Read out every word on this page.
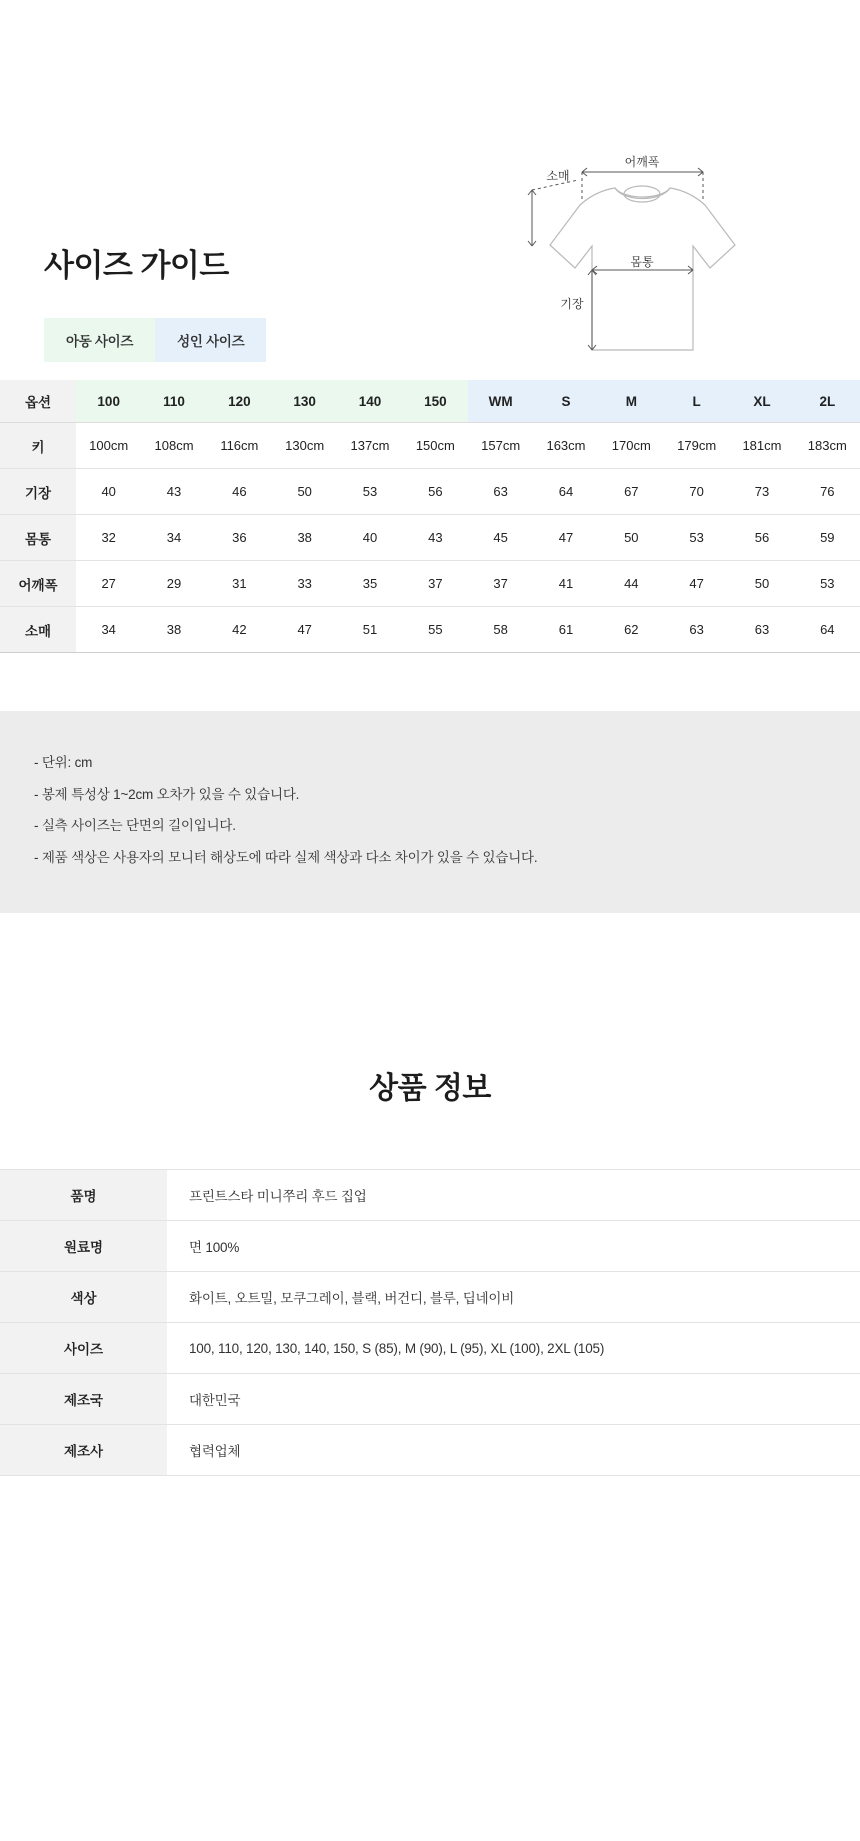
사이즈 가이드
아동 사이즈	성인 사이즈
어깨폭
소매
몸통
기장
옵션	100	110	120	130	140	150	WM	S	M	L	XL	2L
키	100cm	108cm	116cm	130cm	137cm	150cm	157cm	163cm	170cm	179cm	181cm	183cm
기장	40	43	46	50	53	56	63	64	67	70	73	76
몸통	32	34	36	38	40	43	45	47	50	53	56	59
어깨폭	27	29	31	33	35	37	37	41	44	47	50	53
소매	34	38	42	47	51	55	58	61	62	63	63	64

- 단위: cm

- 봉제 특성상 1~2cm 오차가 있을 수 있습니다.

- 실측 사이즈는 단면의 길이입니다.

- 제품 색상은 사용자의 모니터 해상도에 따라 실제 색상과 다소 차이가 있을 수 있습니다.

상품 정보
품명	프린트스타 미니쭈리 후드 집업
원료명	면 100%
색상	화이트, 오트밀, 모쿠그레이, 블랙, 버건디, 블루, 딥네이비
사이즈	100, 110, 120, 130, 140, 150, S (85), M (90), L (95), XL (100), 2XL (105)
제조국	대한민국
제조사	협력업체
